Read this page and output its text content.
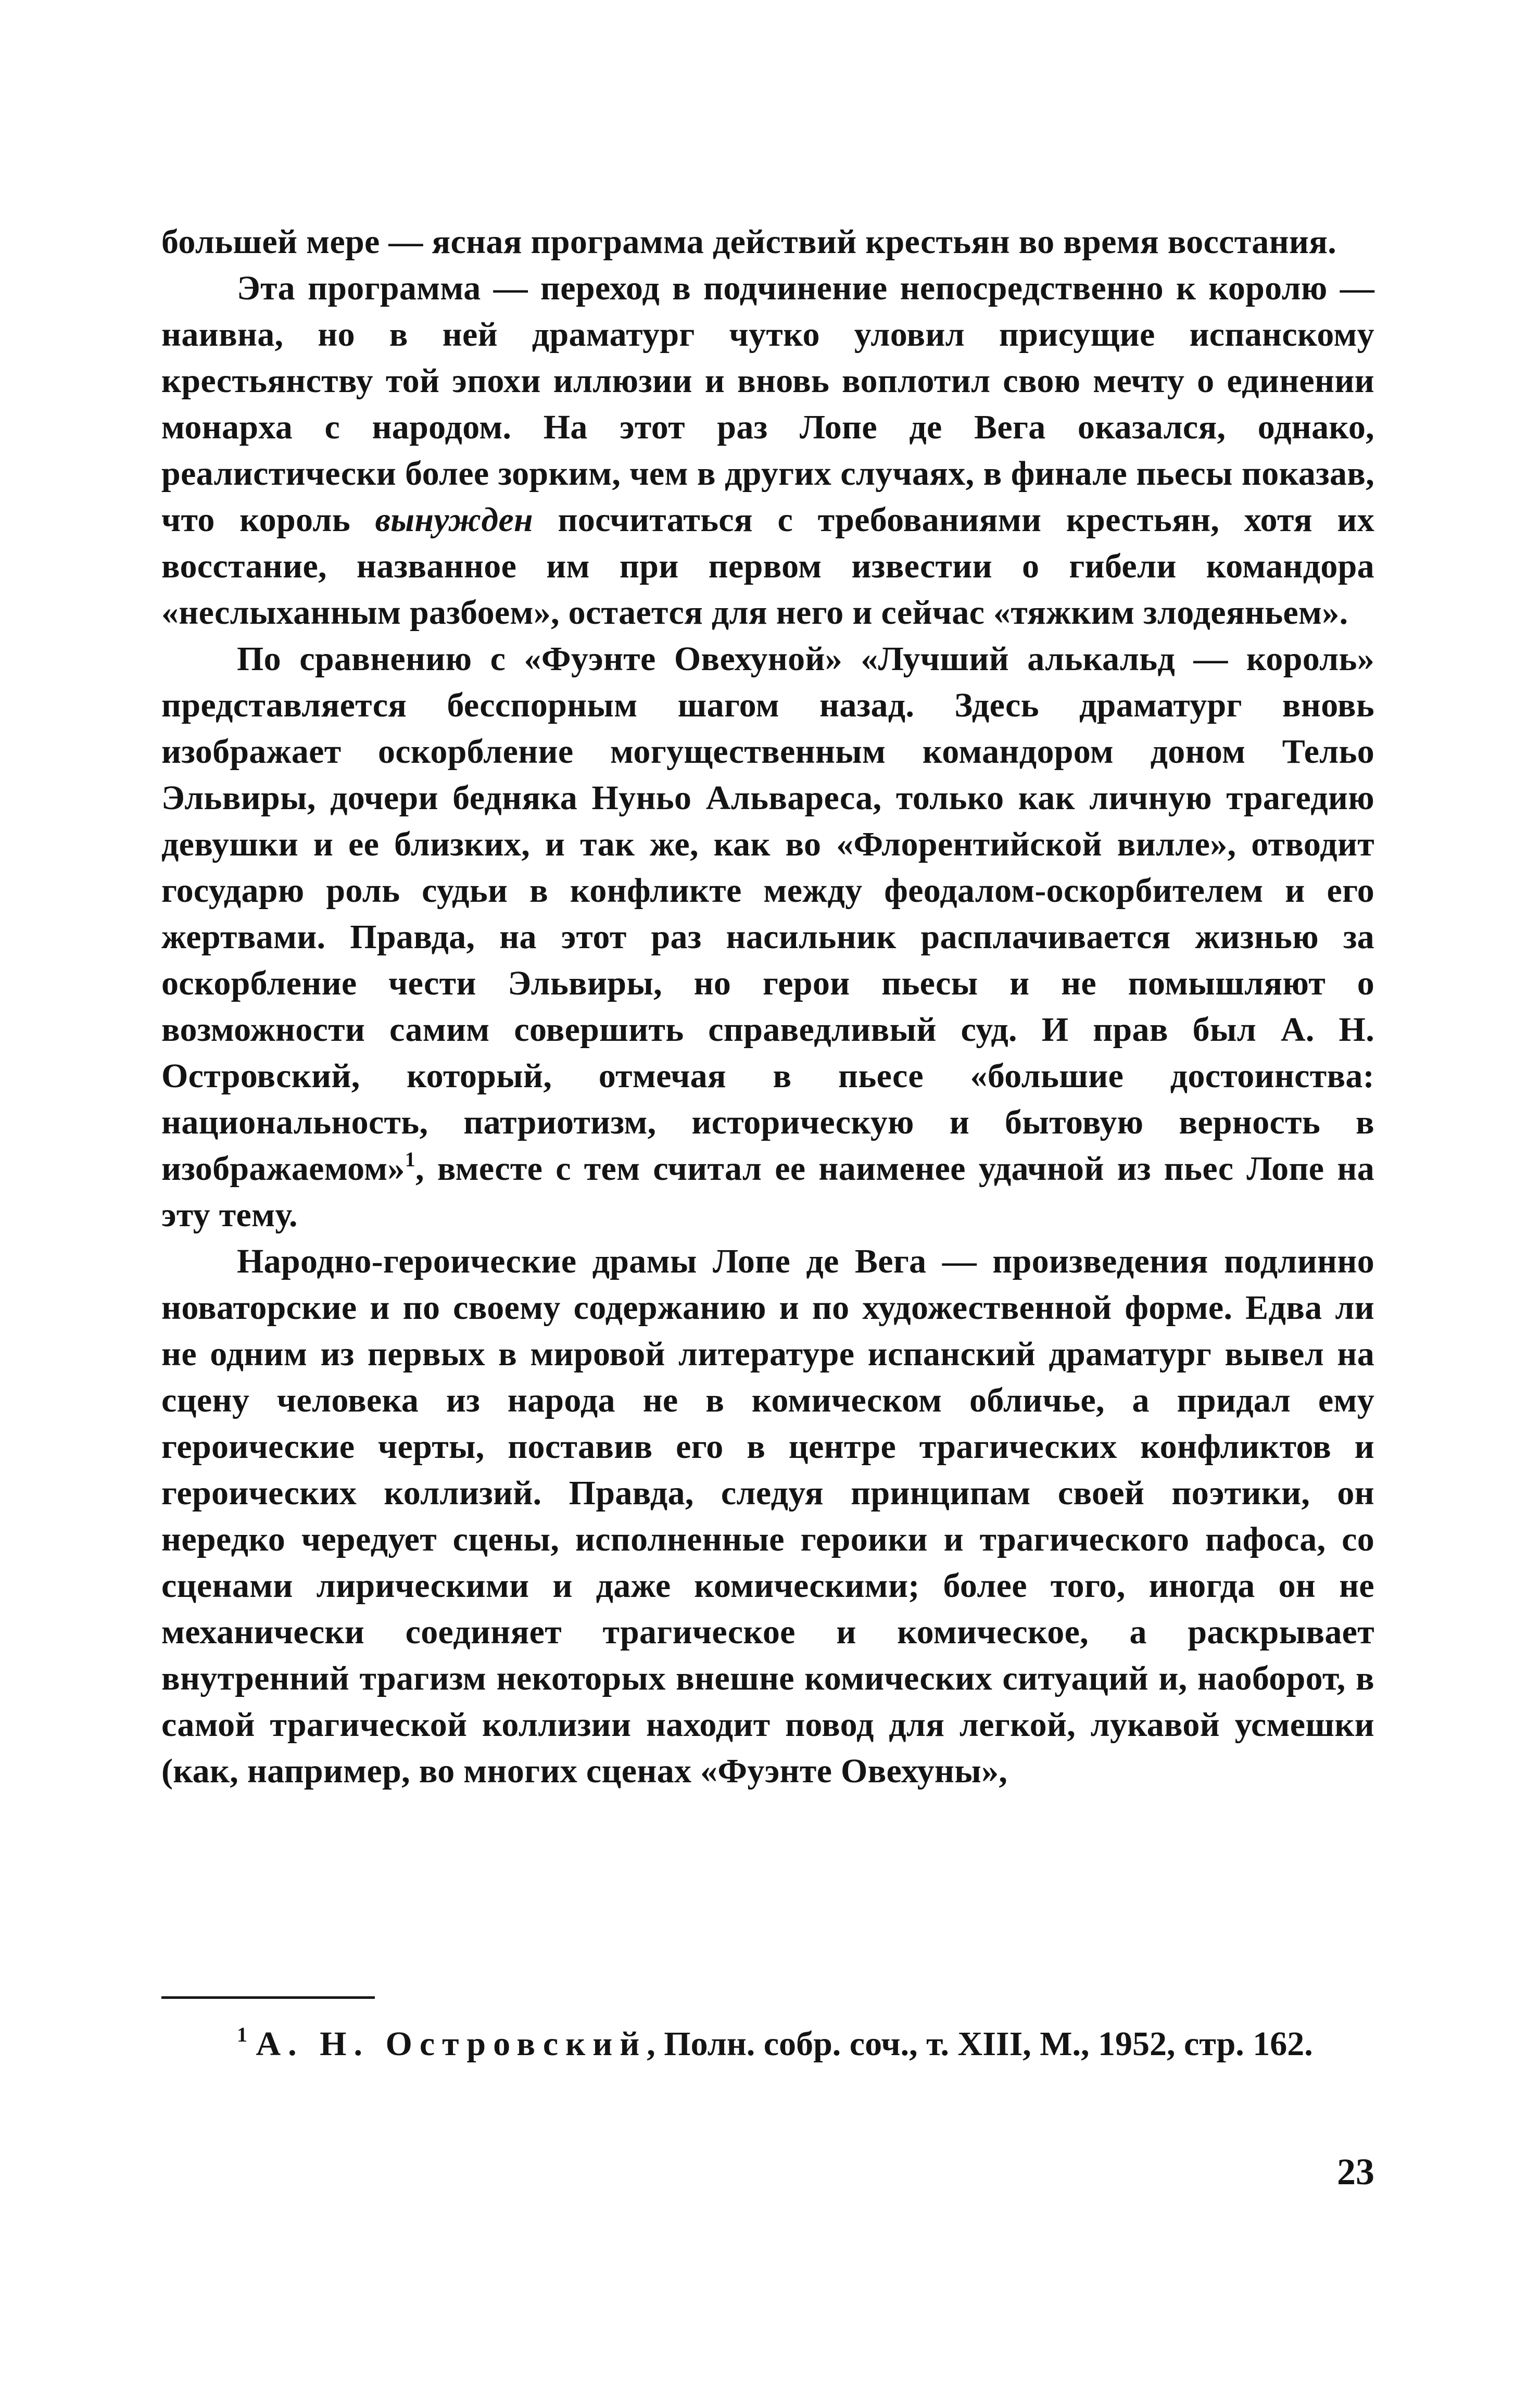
большей мере — ясная программа действий крестьян во время восстания.

Эта программа — переход в подчинение непосредственно к королю — наивна, но в ней драматург чутко уловил присущие испанскому крестьянству той эпохи иллюзии и вновь воплотил свою мечту о единении монарха с народом. На этот раз Лопе де Вега оказался, однако, реалистически более зорким, чем в других случаях, в финале пьесы показав, что король вынужден посчитаться с требованиями крестьян, хотя их восстание, названное им при первом известии о гибели командора «неслыханным разбоем», остается для него и сейчас «тяжким злодеяньем».

По сравнению с «Фуэнте Овехуной» «Лучший алькальд — король» представляется бесспорным шагом назад. Здесь драматург вновь изображает оскорбление могущественным командором доном Тельо Эльвиры, дочери бедняка Нуньо Альвареса, только как личную трагедию девушки и ее близких, и так же, как во «Флорентийской вилле», отводит государю роль судьи в конфликте между феодалом-оскорбителем и его жертвами. Правда, на этот раз насильник расплачивается жизнью за оскорбление чести Эльвиры, но герои пьесы и не помышляют о возможности самим совершить справедливый суд. И прав был А. Н. Островский, который, отмечая в пьесе «большие достоинства: национальность, патриотизм, историческую и бытовую верность в изображаемом»$^1$, вместе с тем считал ее наименее удачной из пьес Лопе на эту тему.

Народно-героические драмы Лопе де Вега — произведения подлинно новаторские и по своему содержанию и по художественной форме. Едва ли не одним из первых в мировой литературе испанский драматург вывел на сцену человека из народа не в комическом обличье, а придал ему героические черты, поставив его в центре трагических конфликтов и героических коллизий. Правда, следуя принципам своей поэтики, он нередко чередует сцены, исполненные героики и трагического пафоса, со сценами лирическими и даже комическими; более того, иногда он не механически соединяет трагическое и комическое, а раскрывает внутренний трагизм некоторых внешне комических ситуаций и, наоборот, в самой трагической коллизии находит повод для легкой, лукавой усмешки (как, например, во многих сценах «Фуэнте Овехуны»,

$^1$ А. Н. Островский, Полн. собр. соч., т. XIII, М., 1952, стр. 162.

23
